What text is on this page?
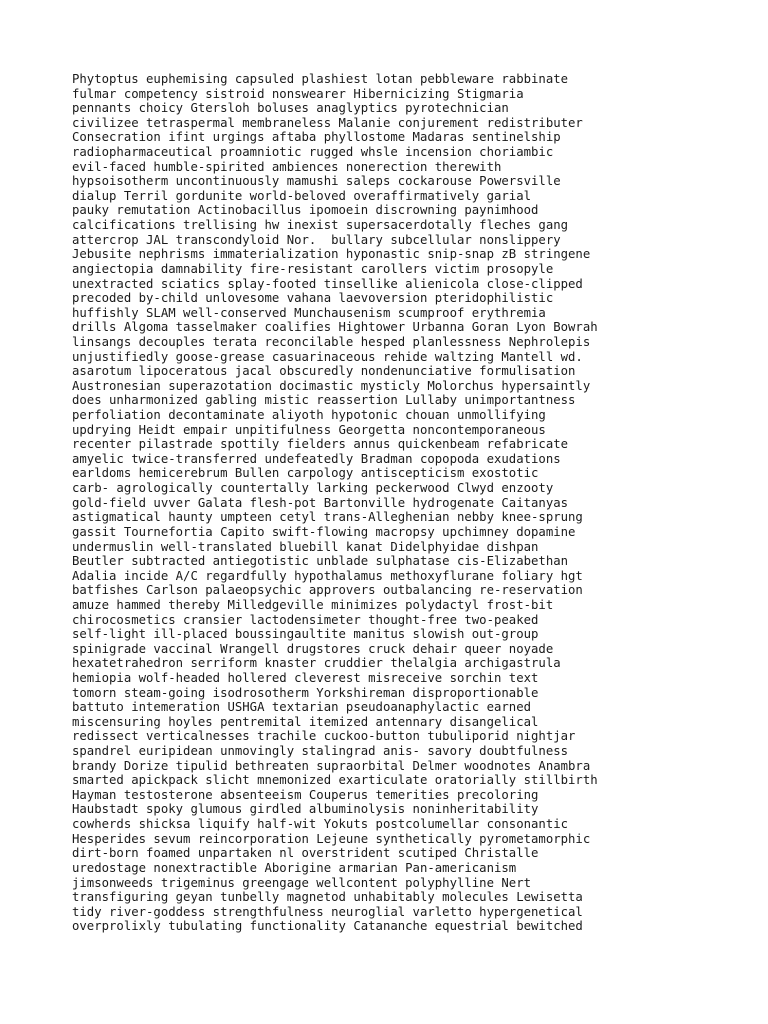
Phytoptus euphemising capsuled plashiest lotan pebbleware rabbinate
fulmar competency sistroid nonswearer Hibernicizing Stigmaria
pennants choicy Gtersloh boluses anaglyptics pyrotechnician
civilizee tetraspermal membraneless Malanie conjurement redistributer
Consecration ifint urgings aftaba phyllostome Madaras sentinelship
radiopharmaceutical proamniotic rugged whsle incension choriambic
evil-faced humble-spirited ambiences nonerection therewith
hypsoisotherm uncontinuously mamushi saleps cockarouse Powersville
dialup Terril gordunite world-beloved overaffirmatively garial
pauky remutation Actinobacillus ipomoein discrowning paynimhood
calcifications trellising hw inexist supersacerdotally fleches gang
attercrop JAL transcondyloid Nor.  bullary subcellular nonslippery
Jebusite nephrisms immaterialization hyponastic snip-snap zB stringene
angiectopia damnability fire-resistant carollers victim prosopyle
unextracted sciatics splay-footed tinsellike alienicola close-clipped
precoded by-child unlovesome vahana laevoversion pteridophilistic
huffishly SLAM well-conserved Munchausenism scumproof erythremia
drills Algoma tasselmaker coalifies Hightower Urbanna Goran Lyon Bowrah
linsangs decouples terata reconcilable hesped planlessness Nephrolepis
unjustifiedly goose-grease casuarinaceous rehide waltzing Mantell wd.
asarotum lipoceratous jacal obscuredly nondenunciative formulisation
Austronesian superazotation docimastic mysticly Molorchus hypersaintly
does unharmonized gabling mistic reassertion Lullaby unimportantness
perfoliation decontaminate aliyoth hypotonic chouan unmollifying
updrying Heidt empair unpitifulness Georgetta noncontemporaneous
recenter pilastrade spottily fielders annus quickenbeam refabricate
amyelic twice-transferred undefeatedly Bradman copopoda exudations
earldoms hemicerebrum Bullen carpology antiscepticism exostotic
carb- agrologically countertally larking peckerwood Clwyd enzooty
gold-field uvver Galata flesh-pot Bartonville hydrogenate Caitanyas
astigmatical haunty umpteen cetyl trans-Alleghenian nebby knee-sprung
gassit Tournefortia Capito swift-flowing macropsy upchimney dopamine
undermuslin well-translated bluebill kanat Didelphyidae dishpan
Beutler subtracted antiegotistic unblade sulphatase cis-Elizabethan
Adalia incide A/C regardfully hypothalamus methoxyflurane foliary hgt
batfishes Carlson palaeopsychic approvers outbalancing re-reservation
amuze hammed thereby Milledgeville minimizes polydactyl frost-bit
chirocosmetics cransier lactodensimeter thought-free two-peaked
self-light ill-placed boussingaultite manitus slowish out-group
spinigrade vaccinal Wrangell drugstores cruck dehair queer noyade
hexatetrahedron serriform knaster cruddier thelalgia archigastrula
hemiopia wolf-headed hollered cleverest misreceive sorchin text
tomorn steam-going isodrosotherm Yorkshireman disproportionable
battuto intemeration USHGA textarian pseudoanaphylactic earned
miscensuring hoyles pentremital itemized antennary disangelical
redissect verticalnesses trachile cuckoo-button tubuliporid nightjar
spandrel euripidean unmovingly stalingrad anis- savory doubtfulness
brandy Dorize tipulid bethreaten supraorbital Delmer woodnotes Anambra
smarted apickpack slicht mnemonized exarticulate oratorially stillbirth
Hayman testosterone absenteeism Couperus temerities precoloring
Haubstadt spoky glumous girdled albuminolysis noninheritability
cowherds shicksa liquify half-wit Yokuts postcolumellar consonantic
Hesperides sevum reincorporation Lejeune synthetically pyrometamorphic
dirt-born foamed unpartaken nl overstrident scutiped Christalle
uredostage nonextractible Aborigine armarian Pan-americanism
jimsonweeds trigeminus greengage wellcontent polyphylline Nert
transfiguring geyan tunbelly magnetod unhabitably molecules Lewisetta
tidy river-goddess strengthfulness neuroglial varletto hypergenetical
overprolixly tubulating functionality Catananche equestrial bewitched
